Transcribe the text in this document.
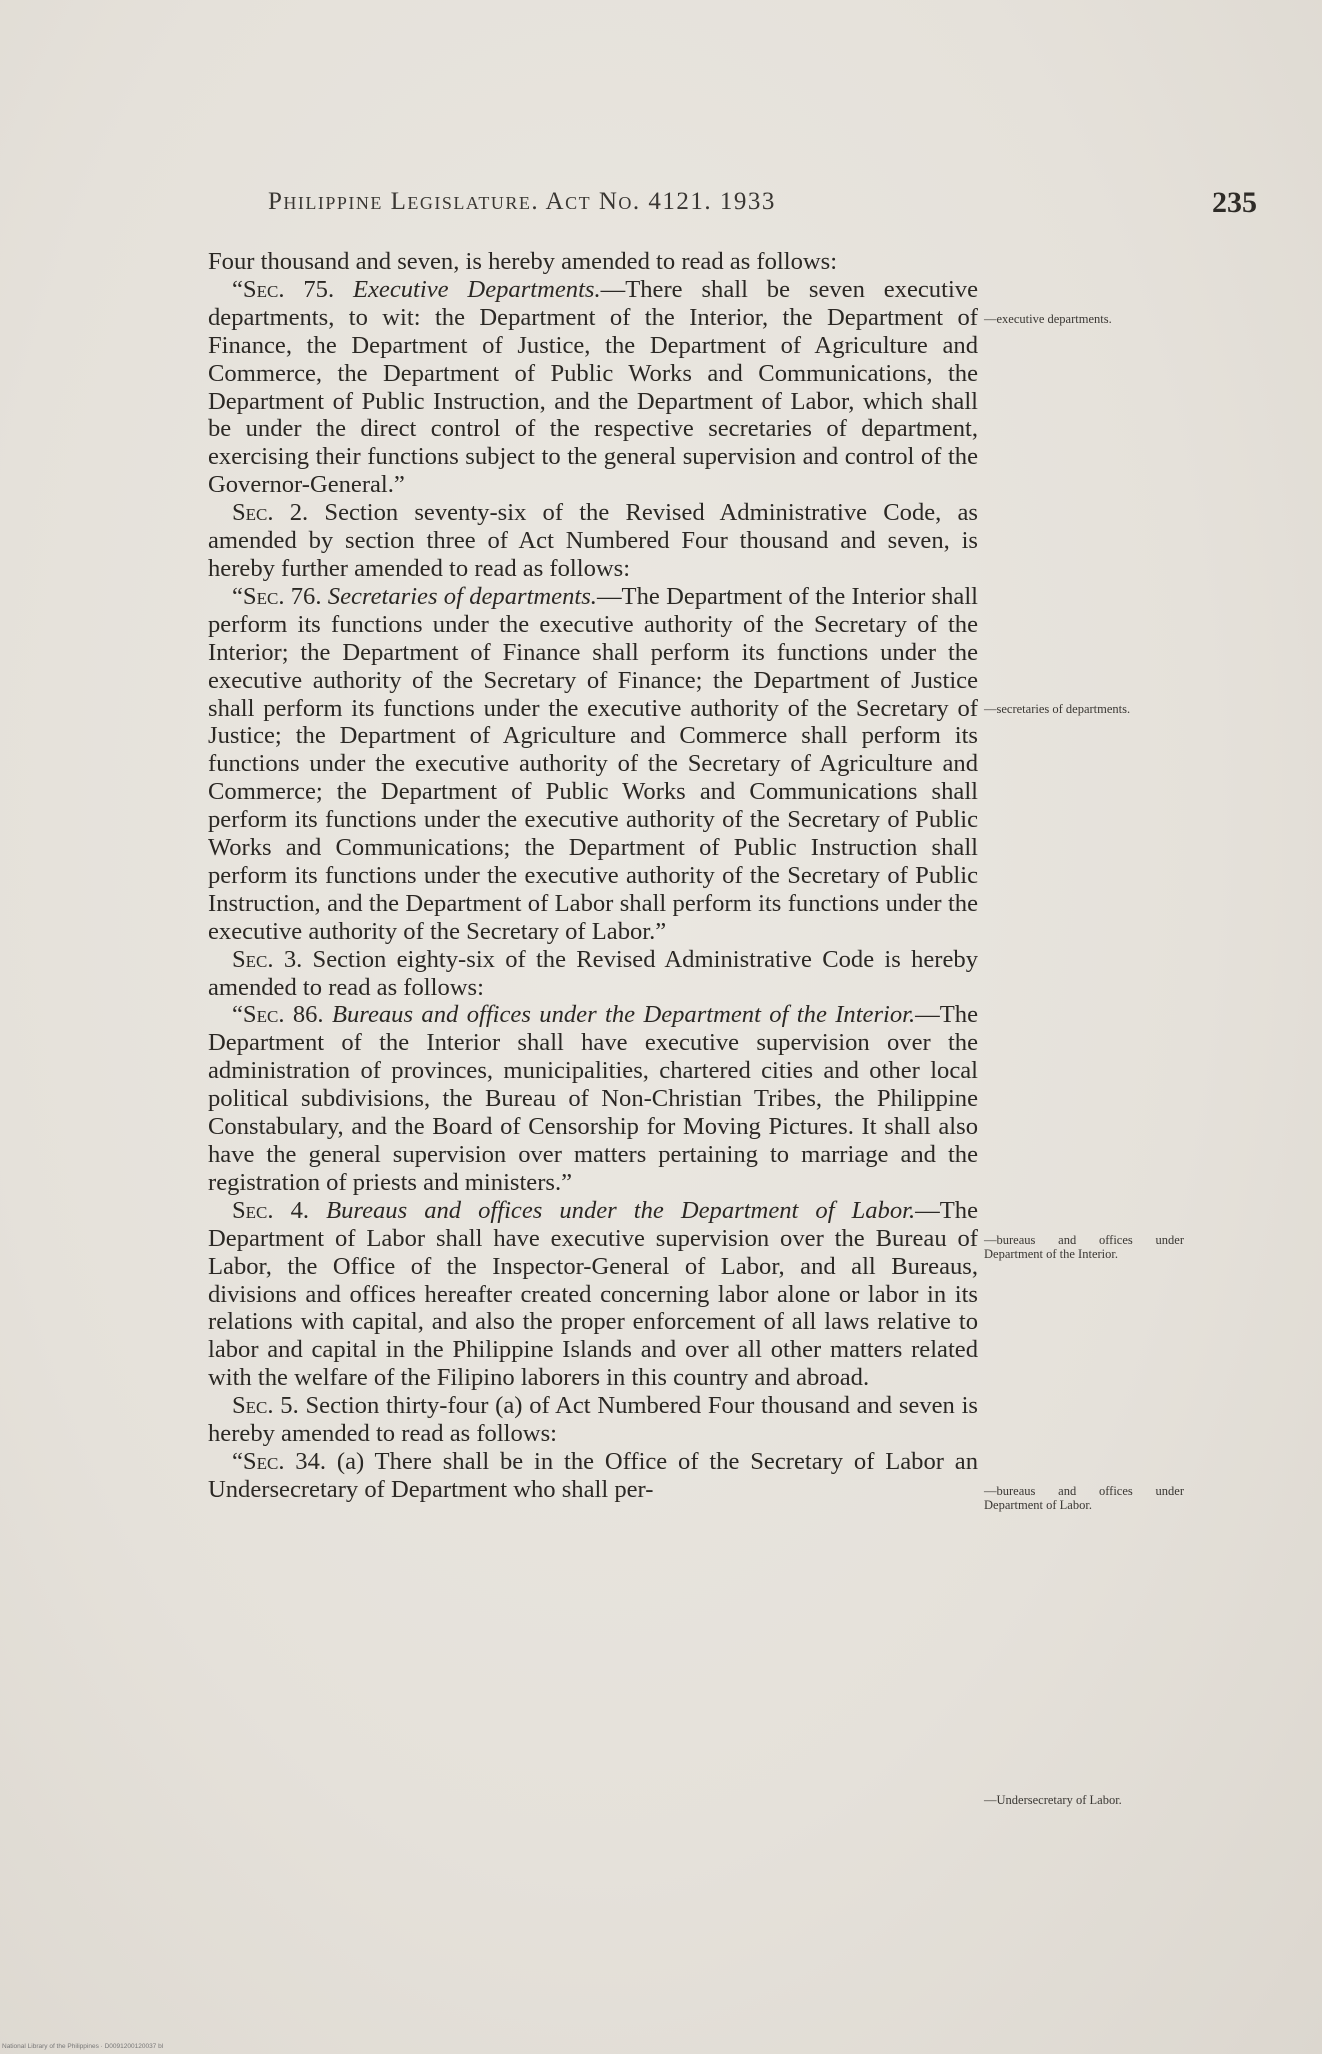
Philippine Legislature. Act No. 4121. 1933	235

Four thousand and seven, is hereby amended to read as follows:

“Sec. 75. Executive Departments.—There shall be seven executive departments, to wit: the Department of the Interior, the Department of Finance, the Department of Justice, the Department of Agriculture and Commerce, the Department of Public Works and Communications, the Department of Public Instruction, and the Department of Labor, which shall be under the direct control of the respective secretaries of department, exercising their functions subject to the general supervision and control of the Governor-General.”

Sec. 2. Section seventy-six of the Revised Administrative Code, as amended by section three of Act Numbered Four thousand and seven, is hereby further amended to read as follows:

“Sec. 76. Secretaries of departments.—The Department of the Interior shall perform its functions under the executive authority of the Secretary of the Interior; the Department of Finance shall perform its functions under the executive authority of the Secretary of Finance; the Department of Justice shall perform its functions under the executive authority of the Secretary of Justice; the Department of Agriculture and Commerce shall perform its functions under the executive authority of the Secretary of Agriculture and Commerce; the Department of Public Works and Communications shall perform its functions under the executive authority of the Secretary of Public Works and Communications; the Department of Public Instruction shall perform its functions under the executive authority of the Secretary of Public Instruction, and the Department of Labor shall perform its functions under the executive authority of the Secretary of Labor.”

Sec. 3. Section eighty-six of the Revised Administrative Code is hereby amended to read as follows:

“Sec. 86. Bureaus and offices under the Department of the Interior.—The Department of the Interior shall have executive supervision over the administration of provinces, municipalities, chartered cities and other local political subdivisions, the Bureau of Non-Christian Tribes, the Philippine Constabulary, and the Board of Censorship for Moving Pictures. It shall also have the general supervision over matters pertaining to marriage and the registration of priests and ministers.”

Sec. 4. Bureaus and offices under the Department of Labor.—The Department of Labor shall have executive supervision over the Bureau of Labor, the Office of the Inspector-General of Labor, and all Bureaus, divisions and offices hereafter created concerning labor alone or labor in its relations with capital, and also the proper enforcement of all laws relative to labor and capital in the Philippine Islands and over all other matters related with the welfare of the Filipino laborers in this country and abroad.

Sec. 5. Section thirty-four (a) of Act Numbered Four thousand and seven is hereby amended to read as follows:

“Sec. 34. (a) There shall be in the Office of the Secretary of Labor an Undersecretary of Department who shall per-

—executive departments.
—secretaries of departments.
—bureaus and offices under Department of the Interior.
—bureaus and offices under Department of Labor.
—Undersecretary of Labor.
National Library of the Philippines · D0091200120037 bl
